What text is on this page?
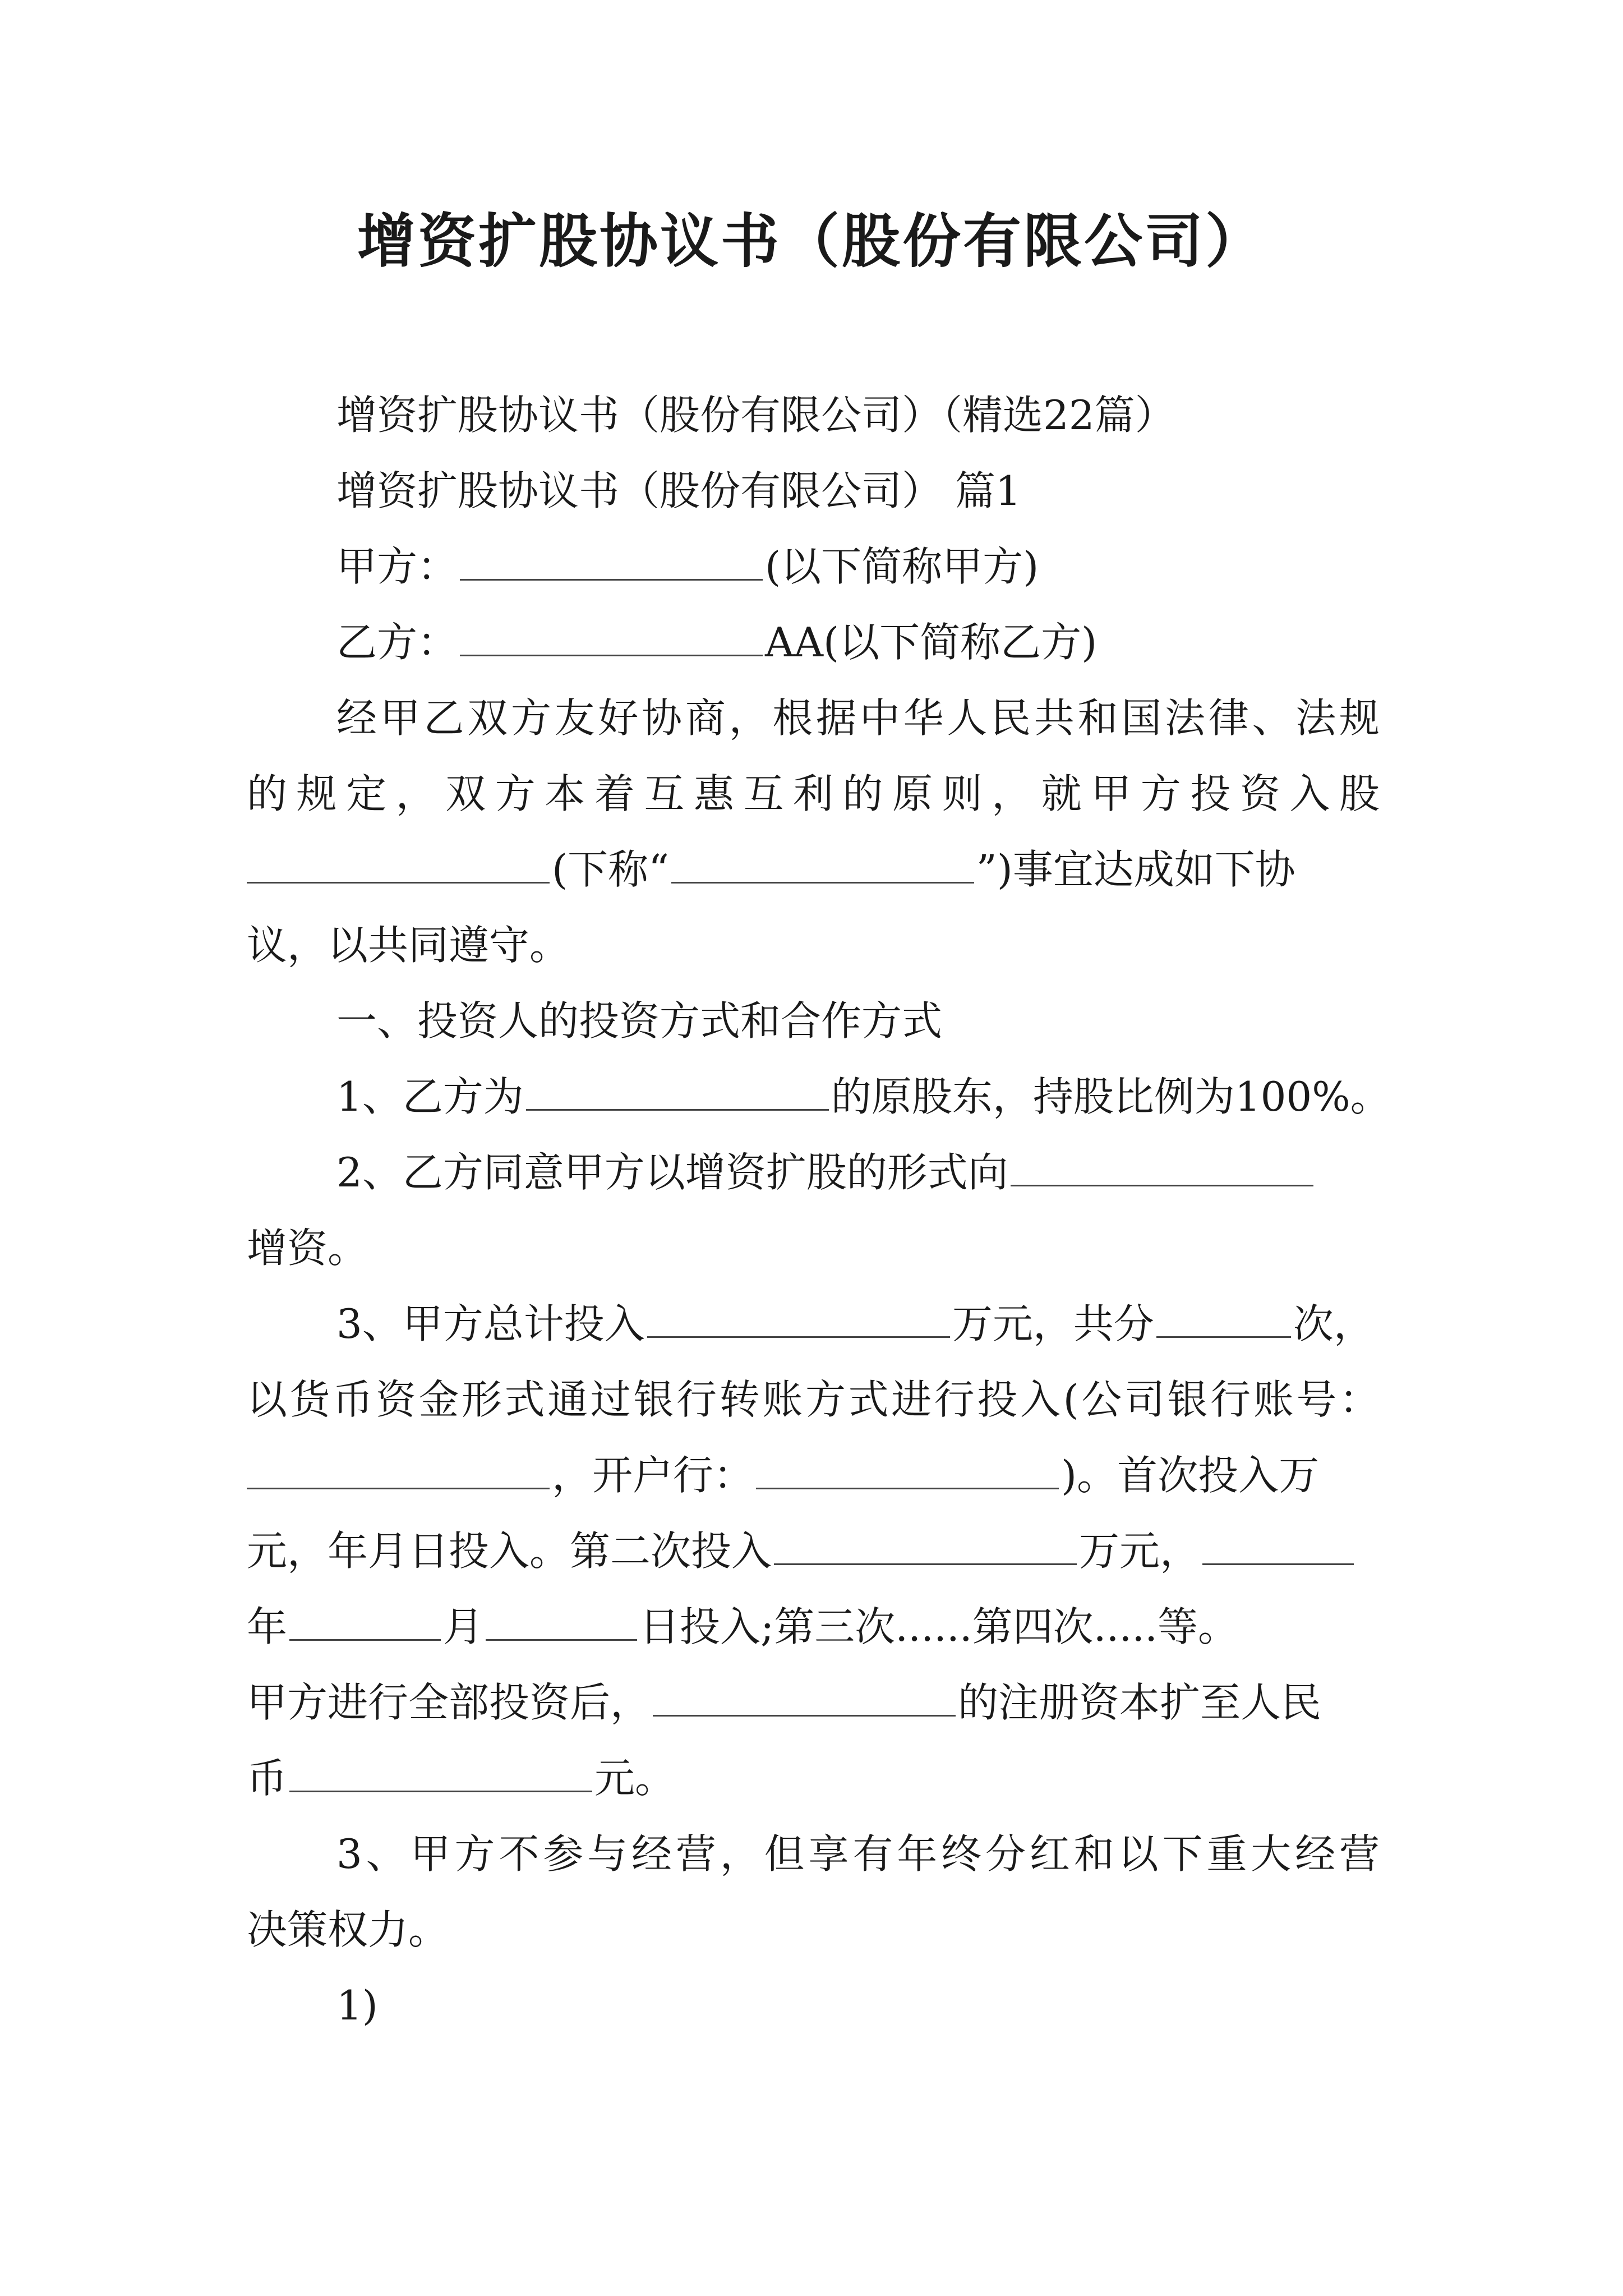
增资扩股协议书（股份有限公司）
增资扩股协议书（股份有限公司）（精选22篇）
增资扩股协议书（股份有限公司） 篇1
甲方：	(以下简称甲方)
乙方：	AA(以下简称乙方)
经甲乙双方友好协商，根据中华人民共和国法律、法规
的规定，双方本着互惠互利的原则，就甲方投资入股
(下称“	”)事宜达成如下协
议，以共同遵守。
一、投资人的投资方式和合作方式
1、乙方为	的原股东，持股比例为100%。
2、乙方同意甲方以增资扩股的形式向
增资。
3、甲方总计投入	万元，共分	次，
以货币资金形式通过银行转账方式进行投入(公司银行账号：
，开户行：	)。首次投入万
元，年月日投入。第二次投入	万元，
年	月	日投入;第三次......第四次.....等。
甲方进行全部投资后，	的注册资本扩至人民
币	元。
3、甲方不参与经营，但享有年终分红和以下重大经营
决策权力。
1)
